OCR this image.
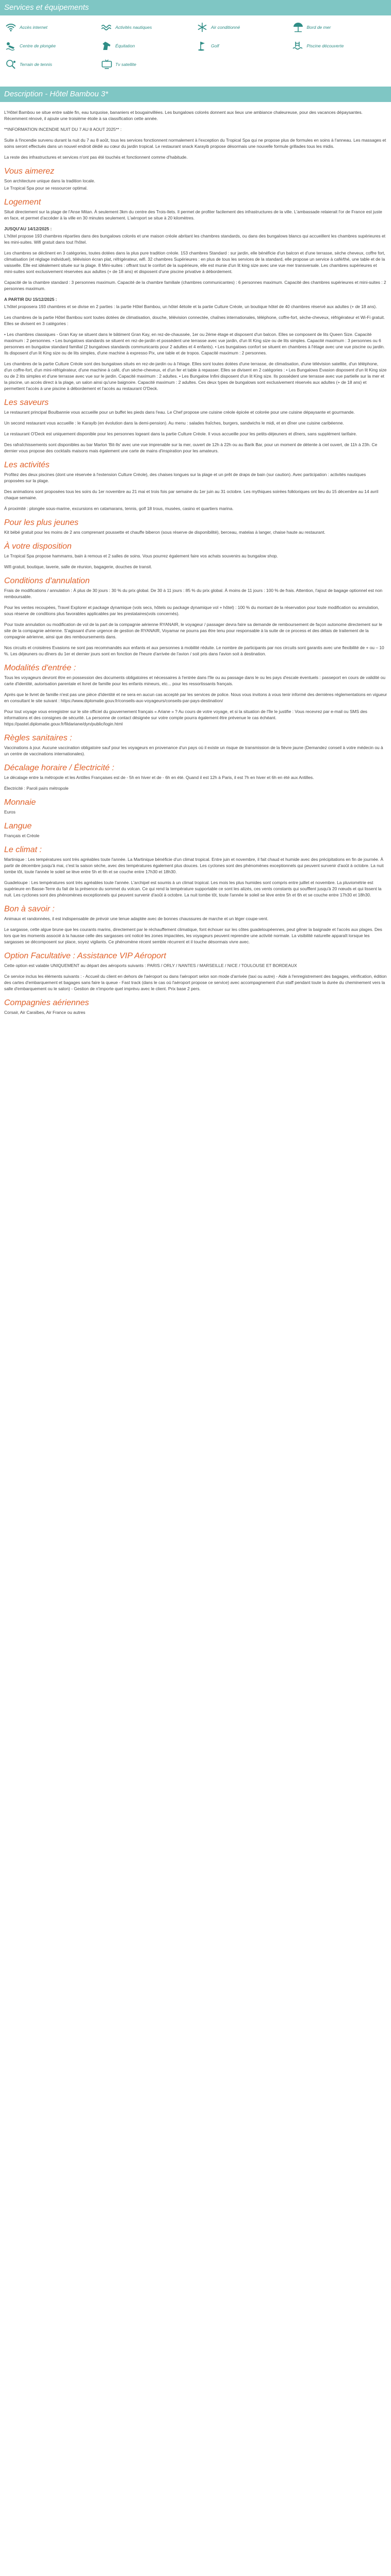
Services et équipements
Accès internet	Activités nautiques	Air conditionné	Bord de mer
Centre de plongée	Équitation	Golf	Piscine découverte
Terrain de tennis	Tv satellite
Description - Hôtel Bambou 3*

L'Hôtel Bambou se situe entre sable fin, eau turquoise, bananiers et bougainvillées. Les bungalows colorés donnent aux lieux une ambiance chaleureuse, pour des vacances dépaysantes. Récemment rénové, il ajoute une troisième étoile à sa classification cette année.

**INFORMATION INCENDIE NUIT DU 7 AU 8 AOUT 2025** :

Suite à l'incendie survenu durant la nuit du 7 au 8 août, tous les services fonctionnent normalement à l'exception du Tropical Spa qui ne propose plus de formules en soins à l'anneau. Les massages et soins seront effectués dans un nouvel endroit dédié au cœur du jardin tropical. Le restaurant snack Karayib propose désormais une nouvelle formule grillades tous les midis.

La reste des infrastructures et services n'ont pas été touchés et fonctionnent comme d'habitude.

Vous aimerez

Son architecture unique dans la tradition locale.

Le Tropical Spa pour se ressourcer optimal.

Logement

Situé directement sur la plage de l'Anse Mitan. À seulement 3km du centre des Trois-Ilets. Il permet de profiter facilement des infrastructures de la ville. L'ambassade relaierait l'or de France est juste en face, et permet d'accéder à la ville en 30 minutes seulement. L'aéroport se situe à 20 kilomètres.

JUSQU'AU 14/12/2025 :

L'hôtel propose 193 chambres réparties dans des bungalows colorés et une maison créole abritant les chambres standards, ou dans des bungalows blancs qui accueillent les chambres supérieures et les mini-suites. Wifi gratuit dans tout l'hôtel.

Les chambres se déclinent en 3 catégories, toutes dotées dans la plus pure tradition créole. 153 chambres Standard : sur jardin, elle bénéficie d'un balcon et d'une terrasse, sèche cheveux, coffre fort, climatisation (et réglage individuel), télévision écran plat, réfrigérateur, wifi. 32 chambres Supérieures : en plus de tous les services de la standard, elle propose un service à café/thé, une table et de la vaisselle. Elle est idéalement située sur la plage. 8 Mini-suites : offrant tout le confort de la supérieure, elle est munie d'un lit king size avec une vue mer transversale. Les chambres supérieures et mini-suites sont exclusivement réservées aux adultes (+ de 18 ans) et disposent d'une piscine privative à débordement.

Capacité de la chambre standard : 3 personnes maximum. Capacité de la chambre familiale (chambres communicantes) : 6 personnes maximum. Capacité des chambres supérieures et mini-suites : 2 personnes maximum.

A PARTIR DU 15/12/2025 :

L'hôtel proposera 193 chambres et se divise en 2 parties : la partie Hôtel Bambou, un hôtel 4étoile et la partie Culture Créole, un boutique hôtel de 40 chambres réservé aux adultes (+ de 18 ans).

Les chambres de la partie Hôtel Bambou sont toutes dotées de climatisation, douche, télévision connectée, chaînes internationales, téléphone, coffre-fort, sèche-cheveux, réfrigérateur et Wi-Fi gratuit. Elles se divisent en 3 catégories :

• Les chambres classiques - Gran Kay se situent dans le bâtiment Gran Kay, en rez-de-chaussée, 1er ou 2ème étage et disposent d'un balcon. Elles se composent de lits Queen Size. Capacité maximum : 2 personnes. • Les bungalows standards se situent en rez-de-jardin et possèdent une terrasse avec vue jardin, d'un lit King size ou de lits simples. Capacité maximum : 3 personnes ou 6 personnes en bungalow standard familial (2 bungalows standards communicants pour 2 adultes et 4 enfants). • Les bungalows confort se situent en chambres à l'étage avec une vue piscine ou jardin. Ils disposent d'un lit King size ou de lits simples, d'une machine à expresso Pix, une table et de tropos. Capacité maximum : 2 personnes.

Les chambres de la partie Culture Créole sont des bungalows situés en rez-de-jardin ou à l'étage. Elles sont toutes dotées d'une terrasse, de climatisation, d'une télévision satellite, d'un téléphone, d'un coffre-fort, d'un mini-réfrigérateur, d'une machine à café, d'un sèche-cheveux, et d'un fer et table à repasser. Elles se divisent en 2 catégories : • Les Bungalows Evasion disposent d'un lit King size ou de 2 lits simples et d'une terrasse avec vue sur le jardin. Capacité maximum : 2 adultes. • Les Bungalow Infini disposent d'un lit King size. Ils possèdent une terrasse avec vue partielle sur la mer et la piscine, un accès direct à la plage, un salon ainsi qu'une baignoire. Capacité maximum : 2 adultes. Ces deux types de bungalows sont exclusivement réservés aux adultes (+ de 18 ans) et permettent l'accès à une piscine à débordement et l'accès au restaurant O'Deck.

Les saveurs

Le restaurant principal Boulbannie vous accueille pour un buffet les pieds dans l'eau. Le Chef propose une cuisine créole épicée et colorée pour une cuisine dépaysante et gourmande.

Un second restaurant vous accueille : le Karayib (en évolution dans la demi-pension). Au menu : salades fraîches, burgers, sandwichs le midi, et en dîner une cuisine caribéenne.

Le restaurant O'Deck est uniquement disponible pour les personnes logeant dans la partie Culture Créole. Il vous accueille pour les petits-déjeuners et dîners, sans supplément tarifaire.

Des rafraîchissements sont disponibles au bar Marlon 'Bit-Ils' avec une vue imprenable sur la mer, ouvert de 12h à 22h ou au Barik Bar, pour un moment de détente à ciel ouvert, de 11h à 23h. Ce dernier vous propose des cocktails maisons mais également une carte de mains d'inspiration pour les amateurs.

Les activités

Profitez des deux piscines (dont une réservée à l'extension Culture Créole), des chaises longues sur la plage et un prêt de draps de bain (sur caution). Avec participation : activités nautiques proposées sur la plage.

Des animations sont proposées tous les soirs du 1er novembre au 21 mai et trois fois par semaine du 1er juin au 31 octobre. Les mythiques soirées folkloriques ont lieu du 15 décembre au 14 avril chaque semaine.

À proximité : plongée sous-marine, excursions en catamarans, tennis, golf 18 trous, musées, casino et quartiers marina.

Pour les plus jeunes

Kit bébé gratuit pour les moins de 2 ans comprenant poussette et chauffe biberon (sous réserve de disponibilité), berceau, matelas à langer, chaise haute au restaurant.

À votre disposition

Le Tropical Spa propose hammams, bain à remous et 2 salles de soins. Vous pourrez également faire vos achats souvenirs au bungalow shop.

Wifi gratuit, boutique, laverie, salle de réunion, bagagerie, douches de transit.

Conditions d'annulation

Frais de modifications / annulation : À plus de 30 jours : 30 % du prix global. De 30 à 11 jours : 85 % du prix global. À moins de 11 jours : 100 % de frais. Attention, l'ajout de bagage optionnel est non remboursable.

Pour les ventes recoupées, Travel Explorer et package dynamique (vols secs, hôtels ou package dynamique vol + hôtel) : 100 % du montant de la réservation pour toute modification ou annulation, sous réserve de conditions plus favorables applicables par les prestataires(vols concernés).

Pour toute annulation ou modification de vol de la part de la compagnie aérienne RYANAIR, le voyageur / passager devra faire sa demande de remboursement de façon autonome directement sur le site de la compagnie aérienne. S'agissant d'une urgence de gestion de RYANAIR, Voyamar ne pourra pas être tenu pour responsable à la suite de ce process et des délais de traitement de la compagnie aérienne, ainsi que des remboursements dans.

Nos circuits et croisières Evasions ne sont pas recommandés aux enfants et aux personnes à mobilité réduite. Le nombre de participants par nos circuits sont garantis avec une flexibilité de + ou – 10 %. Les déjeuners ou dîners du 1er et dernier jours sont en fonction de l'heure d'arrivée de l'avion / soit pris dans l'avion soit à destination.

Modalités d'entrée :

Tous les voyageurs devront être en possession des documents obligatoires et nécessaires à l'entrée dans l'île ou au passage dans le ou les pays d'escale éventuels : passeport en cours de validité ou carte d'identité, autorisation parentale et livret de famille pour les enfants mineurs, etc... pour les ressortissants français.

Après que le livret de famille n'est pas une pièce d'identité et ne sera en aucun cas accepté par les services de police. Nous vous invitons à vous tenir informé des dernières réglementations en vigueur en consultant le site suivant : https://www.diplomatie.gouv.fr/conseils-aux-voyageurs/conseils-par-pays-destination/

Pour tout voyage vous enregistrer sur le site officiel du gouvernement français « Ariane » ? Au cours de votre voyage, et si la situation de l'île le justifie : Vous recevrez par e-mail ou SMS des informations et des consignes de sécurité. La personne de contact désignée sur votre compte pourra également être prévenue le cas échéant. https://pastel.diplomatie.gouv.fr/fildariane/dyn/public/login.html

Règles sanitaires :

Vaccinations à jour. Aucune vaccination obligatoire sauf pour les voyageurs en provenance d'un pays où il existe un risque de transmission de la fièvre jaune (Demandez conseil à votre médecin ou à un centre de vaccinations internationales).

Décalage horaire / Électricité :

Le décalage entre la métropole et les Antilles Françaises est de - 5h en hiver et de - 6h en été. Quand il est 12h à Paris, il est 7h en hiver et 6h en été aux Antilles.

Électricité : Paroli pairs métropole

Monnaie

Euros

Langue

Français et Créole

Le climat :

Martinique : Les températures sont très agréables toute l'année. La Martinique bénéficie d'un climat tropical. Entre juin et novembre, il fait chaud et humide avec des précipitations en fin de journée. À partir de décembre jusqu'à mai, c'est la saison sèche, avec des températures également plus douces. Les cyclones sont des phénomènes exceptionnels qui peuvent survenir d'août à octobre. La nuit tombe tôt, toute l'année le soleil se lève entre 5h et 6h et se couche entre 17h30 et 18h30.

Guadeloupe : Les températures sont très agréables toute l'année. L'archipel est soumis à un climat tropical. Les mois les plus humides sont compris entre juillet et novembre. La pluviométrie est supérieure en Basse-Terre du fait de la présence du sommet du volcan. Ce qui rend la température supportable ce sont les alizés, ces vents constants qui soufflent jusqu'à 20 nœuds et qui lissent la nuit. Les cyclones sont des phénomènes exceptionnels qui peuvent survenir d'août à octobre. La nuit tombe tôt, toute l'année le soleil se lève entre 5h et 6h et se couche entre 17h30 et 18h30.

Bon à savoir :

Animaux et randonnées, il est indispensable de prévoir une tenue adaptée avec de bonnes chaussures de marche et un léger coupe-vent.

Le sargasse, cette algue brune que les courants marins, directement par le réchauffement climatique, font échouer sur les côtes guadeloupéennes, peut gêner la baignade et l'accès aux plages. Des lors que les moments associé à la hausse celle des sargasses ont noticé les zones impactées, les voyageurs peuvent reprendre une activité normale. La visibilité naturelle apparaît lorsque les sargasses se décomposent sur place, soyez vigilants. Ce phénomène récent semble récurrent et il touche désormais vivre avec.

Option Facultative : Assistance VIP Aéroport

Cette option est valable UNIQUEMENT au départ des aéroports suivants : PARIS / ORLY / NANTES / MARSEILLE / NICE / TOULOUSE ET BORDEAUX

Ce service inclus les éléments suivants : - Accueil du client en dehors de l'aéroport ou dans l'aéroport selon son mode d'arrivée (taxi ou autre) - Aide à l'enregistrement des bagages, vérification, édition des cartes d'embarquement et bagages sans faire la queue - Fast track (dans le cas où l'aéroport propose ce service) avec accompagnement d'un staff pendant toute la durée du cheminement vers la salle d'embarquement ou le salon) - Gestion de n'importe quel imprévu avec le client. Prix base 2 pers.

Compagnies aériennes

Corsair, Air Caraïbes, Air France ou autres
